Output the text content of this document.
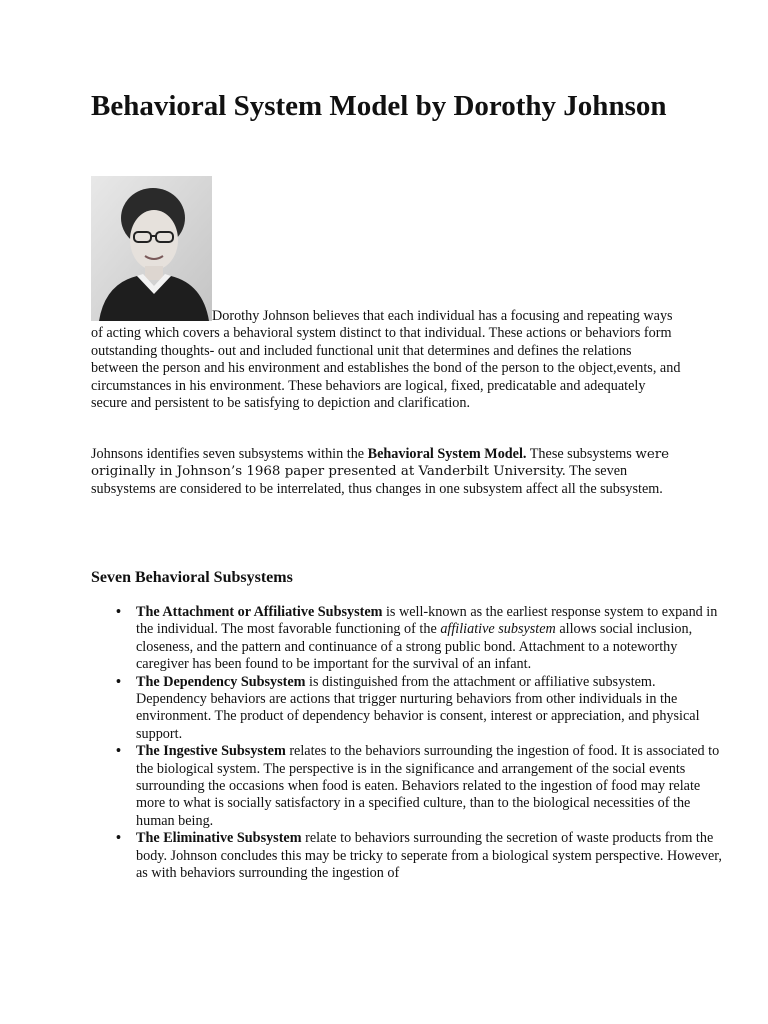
Behavioral System Model by Dorothy Johnson

Dorothy Johnson believes that each individual has a focusing and repeating ways of acting which covers a behavioral system distinct to that individual. These actions or behaviors form outstanding thoughts- out and included functional unit that determines and defines the relations between the person and his environment and establishes the bond of the person to the object,events, and circumstances in his environment. These behaviors are logical, fixed, predicatable and adequately secure and persistent to be satisfying to depiction and clarification.

Johnsons identifies seven subsystems within the Behavioral System Model. These subsystems were originally in Johnson’s 1968 paper presented at Vanderbilt University. The seven subsystems are considered to be interrelated, thus changes in one subsystem affect all the subsystem.

Seven Behavioral Subsystems
• The Attachment or Affiliative Subsystem is well-known as the earliest response system to expand in the individual. The most favorable functioning of the affiliative subsystem allows social inclusion, closeness, and the pattern and continuance of a strong public bond. Attachment to a noteworthy caregiver has been found to be important for the survival of an infant.
• The Dependency Subsystem is distinguished from the attachment or affiliative subsystem. Dependency behaviors are actions that trigger nurturing behaviors from other individuals in the environment. The product of dependency behavior is consent, interest or appreciation, and physical support.
• The Ingestive Subsystem relates to the behaviors surrounding the ingestion of food. It is associated to the biological system. The perspective is in the significance and arrangement of the social events surrounding the occasions when food is eaten. Behaviors related to the ingestion of food may relate more to what is socially satisfactory in a specified culture, than to the biological necessities of the human being.
• The Eliminative Subsystem relate to behaviors surrounding the secretion of waste products from the body. Johnson concludes this may be tricky to seperate from a biological system perspective. However, as with behaviors surrounding the ingestion of
